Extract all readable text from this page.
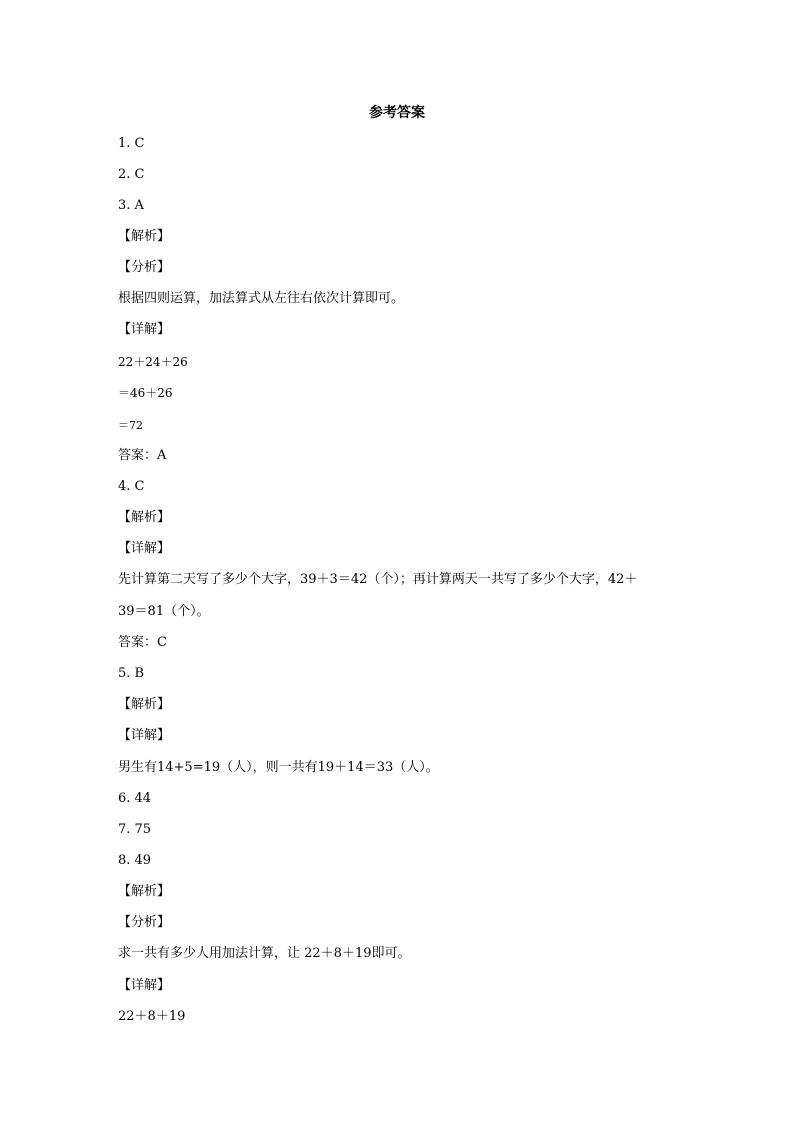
参考答案
1. C
2. C
3. A
【解析】
【分析】
根据四则运算，加法算式从左往右依次计算即可。
【详解】
22＋24＋26
＝46＋26
＝72
答案：A
4. C
【解析】
【详解】
先计算第二天写了多少个大字，39＋3＝42（个）；再计算两天一共写了多少个大字，42＋
39＝81（个）。
答案：C
5. B
【解析】
【详解】
男生有14+5=19（人），则一共有19＋14＝33（人）。
6. 44
7. 75
8. 49
【解析】
【分析】
求一共有多少人用加法计算，让 22＋8＋19即可。
【详解】
22＋8＋19
